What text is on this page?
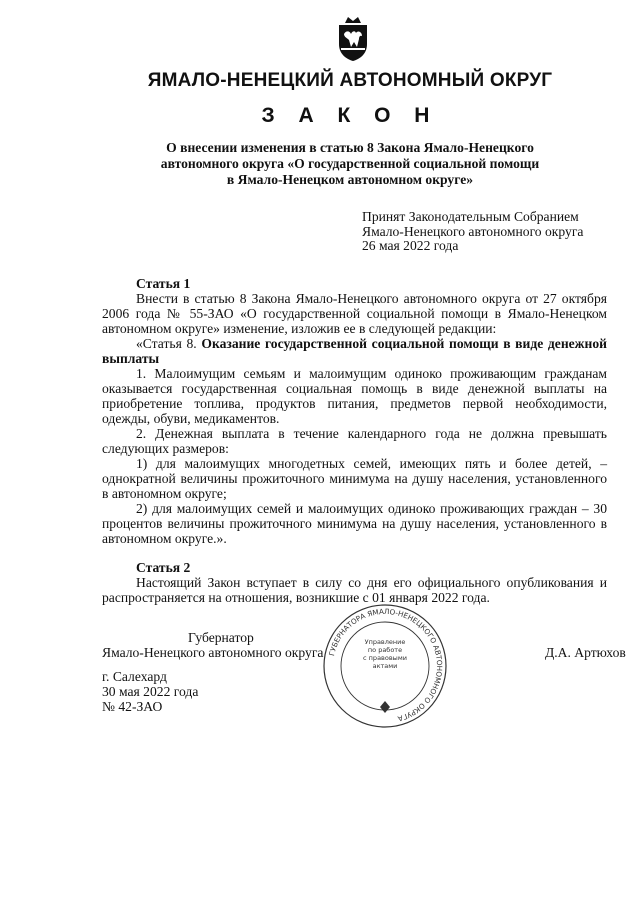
ЯМАЛО-НЕНЕЦКИЙ АВТОНОМНЫЙ ОКРУГ
З А К О Н
О внесении изменения в статью 8 Закона Ямало-Ненецкого
автономного округа «О государственной социальной помощи
в Ямало-Ненецком автономном округе»
Принят Законодательным Собранием
Ямало-Ненецкого автономного округа
26 мая 2022 года
Статья 1

Внести в статью 8 Закона Ямало-Ненецкого автономного округа от 27 октября 2006 года № 55-ЗАО «О государственной социальной помощи в Ямало-Ненецком автономном округе» изменение, изложив ее в следующей редакции:

«Статья 8. Оказание государственной социальной помощи в виде денежной выплаты

1. Малоимущим семьям и малоимущим одиноко проживающим гражданам оказывается государственная социальная помощь в виде денежной выплаты на приобретение топлива, продуктов питания, предметов первой необходимости, одежды, обуви, медикаментов.

2. Денежная выплата в течение календарного года не должна превышать следующих размеров:

1) для малоимущих многодетных семей, имеющих пять и более детей, – однократной величины прожиточного минимума на душу населения, установленного в автономном округе;

2) для малоимущих семей и малоимущих одиноко проживающих граждан – 30 процентов величины прожиточного минимума на душу населения, установленного в автономном округе.».

Статья 2

Настоящий Закон вступает в силу со дня его официального опубликования и распространяется на отношения, возникшие с 01 января 2022 года.

Губернатор
Ямало-Ненецкого автономного округа	Д.А. Артюхов
ГУБЕРНАТОРА ЯМАЛО-НЕНЕЦКОГО АВТОНОМНОГО ОКРУГА
Управление
по работе
с правовыми
актами
г. Салехард
30 мая 2022 года
№ 42-ЗАО
